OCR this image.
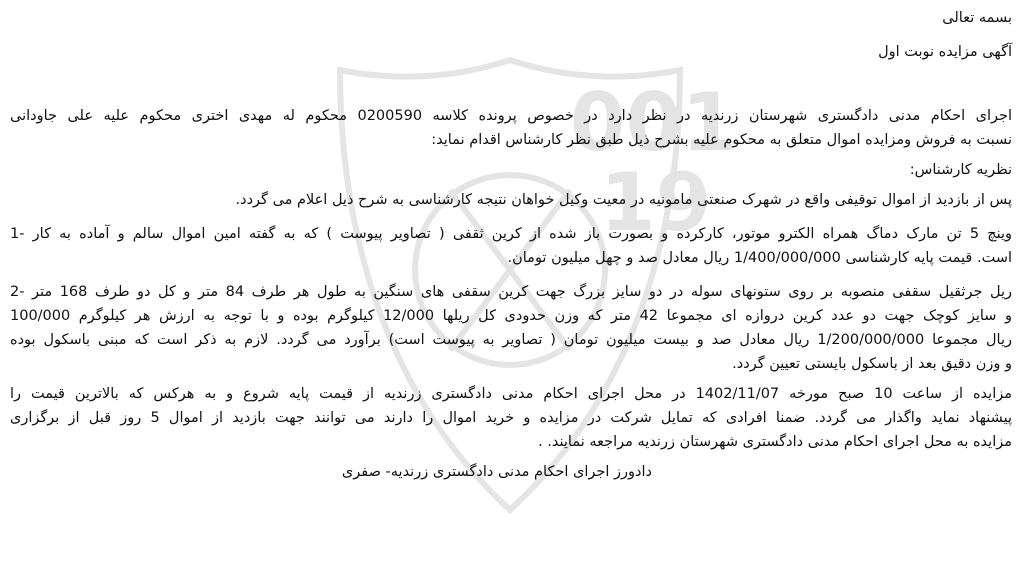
001
19

بسمه تعالی

آگهی مزایده نوبت اول

اجرای احکام مدنی دادگستری شهرستان زرندیه در نظر دارد در خصوص پرونده کلاسه 0200590 محکوم له مهدی اختری محکوم علیه علی جاودانی

نسبت به فروش ومزایده اموال متعلق به محکوم علیه بشرح ذیل طبق نظر کارشناس اقدام نماید:

نظریه کارشناس:

پس از بازدید از اموال توقیفی واقع در شهرک صنعتی مامونیه در معیت وکیل خواهان نتیجه کارشناسی به شرح ذیل اعلام می گردد.

وینچ 5 تن مارک دماگ همراه الکترو موتور، کارکرده و بصورت باز شده از کرین ثقفی ( تصاویر پیوست ) که به گفته امین اموال سالم و آماده به کار -1

است. قیمت پایه کارشناسی 1/400/000/000 ریال معادل صد و چهل میلیون تومان.

ریل جرثقیل سقفی منصوبه بر روی ستونهای سوله در دو سایز بزرگ جهت کرین سقفی های سنگین به طول هر طرف 84 متر و کل دو طرف 168 متر -2

و سایز کوچک جهت دو عدد کرین دروازه ای مجموعا 42 متر که وزن حدودی کل ریلها 12/000 کیلوگرم بوده و با توجه به ارزش هر کیلوگرم 100/000

ریال مجموعا 1/200/000/000 ریال معادل صد و بیست میلیون تومان ( تصاویر به پیوست است) برآورد می گردد. لازم به ذکر است که مبنی باسکول بوده

و وزن دقیق بعد از باسکول بایستی تعیین گردد.

مزایده از ساعت 10 صبح مورخه 1402/11/07 در محل اجرای احکام مدنی دادگستری زرندیه از قیمت پایه شروع و به هرکس که بالاترین قیمت را

پیشنهاد نماید واگذار می گردد. ضمنا افرادی که تمایل شرکت در مزایده و خرید اموال را دارند می توانند جهت بازدید از اموال 5 روز قبل از برگزاری

مزایده به محل اجرای احکام مدنی دادگستری شهرستان زرندیه مراجعه نمایند. .

دادورز اجرای احکام مدنی دادگستری زرندیه- صفری
